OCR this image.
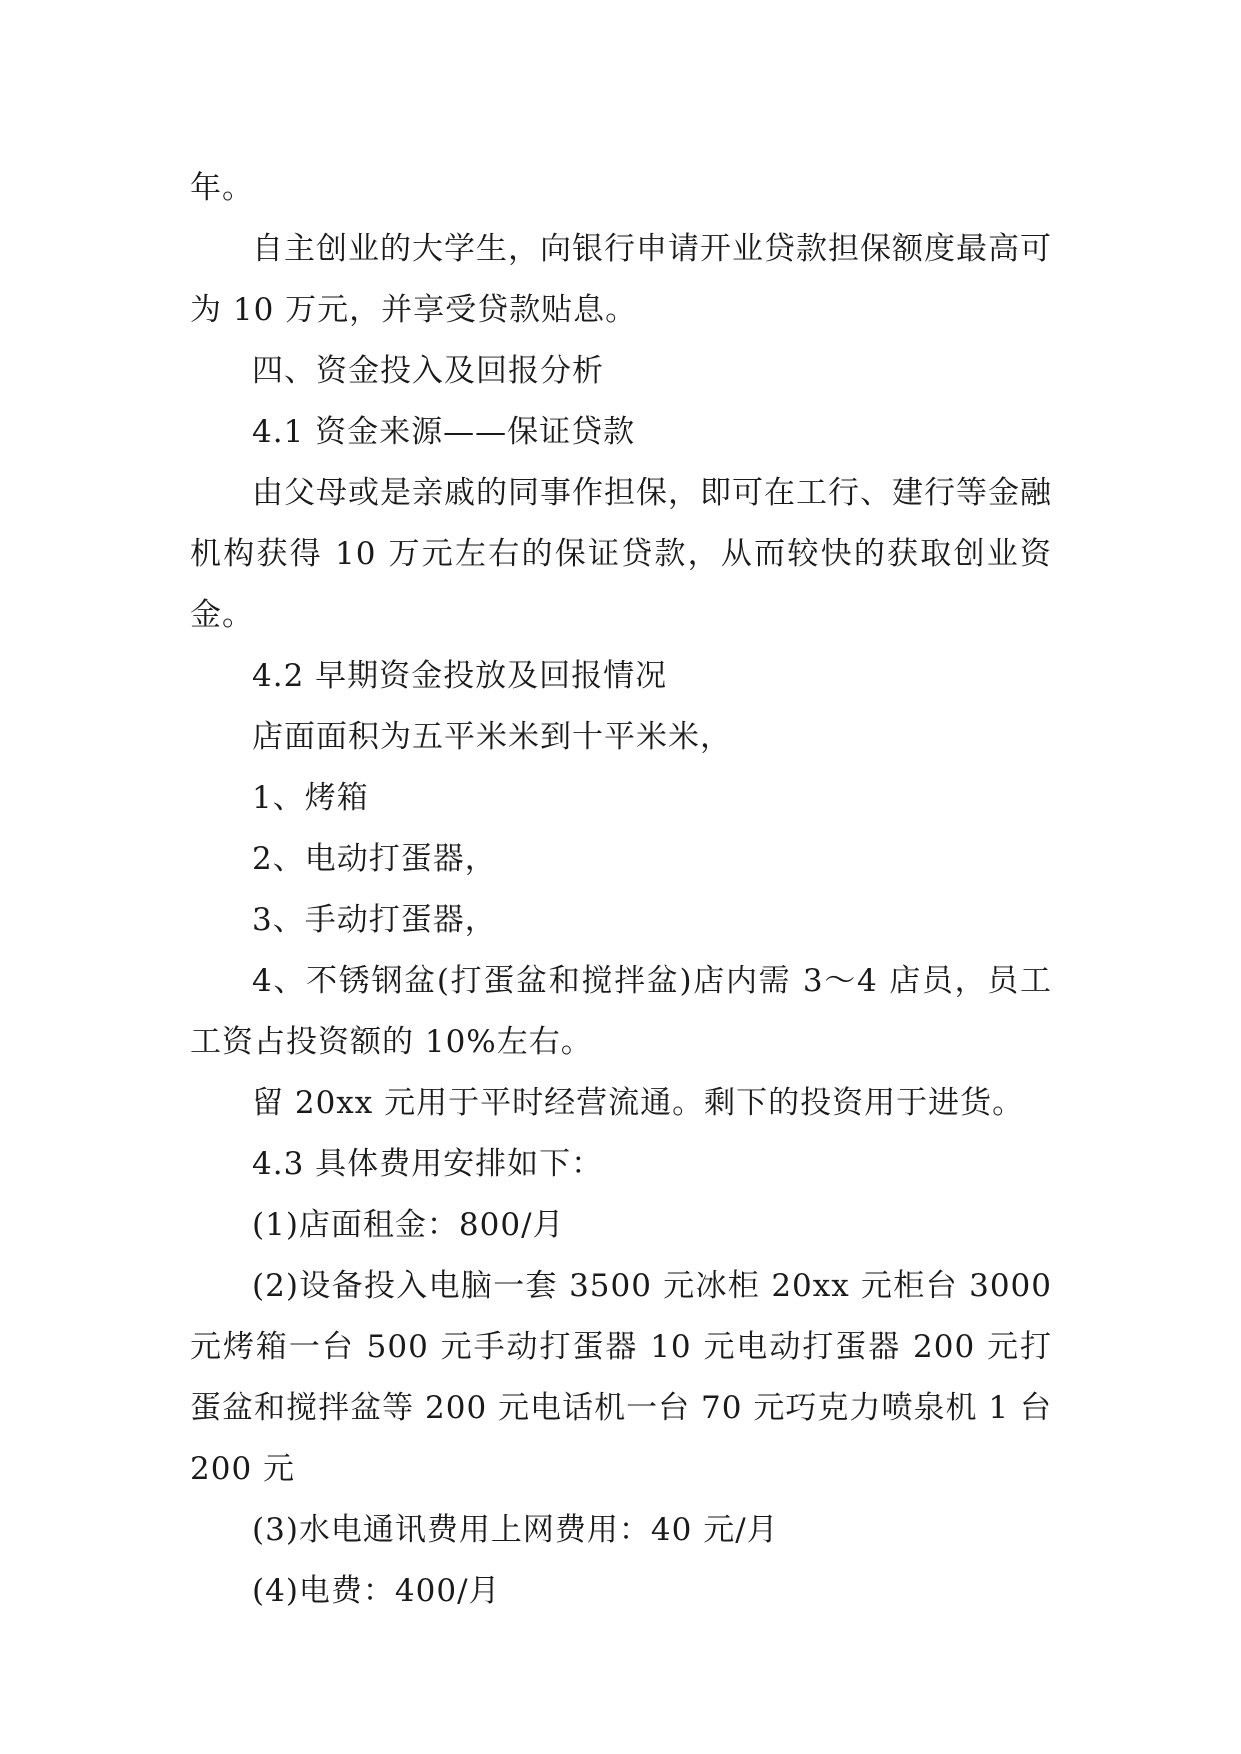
年。

自主创业的大学生，向银行申请开业贷款担保额度最高可为 10 万元，并享受贷款贴息。

四、资金投入及回报分析

4.1 资金来源——保证贷款

由父母或是亲戚的同事作担保，即可在工行、建行等金融机构获得 10 万元左右的保证贷款，从而较快的获取创业资金。

4.2 早期资金投放及回报情况

店面面积为五平米米到十平米米，

1、烤箱

2、电动打蛋器，

3、手动打蛋器，

4、不锈钢盆(打蛋盆和搅拌盆)店内需 3～4 店员，员工工资占投资额的 10%左右。

留 20xx 元用于平时经营流通。剩下的投资用于进货。

4.3 具体费用安排如下：

(1)店面租金：800/月

(2)设备投入电脑一套 3500 元冰柜 20xx 元柜台 3000 元烤箱一台 500 元手动打蛋器 10 元电动打蛋器 200 元打蛋盆和搅拌盆等 200 元电话机一台 70 元巧克力喷泉机 1 台 200 元

(3)水电通讯费用上网费用：40 元/月

(4)电费：400/月
